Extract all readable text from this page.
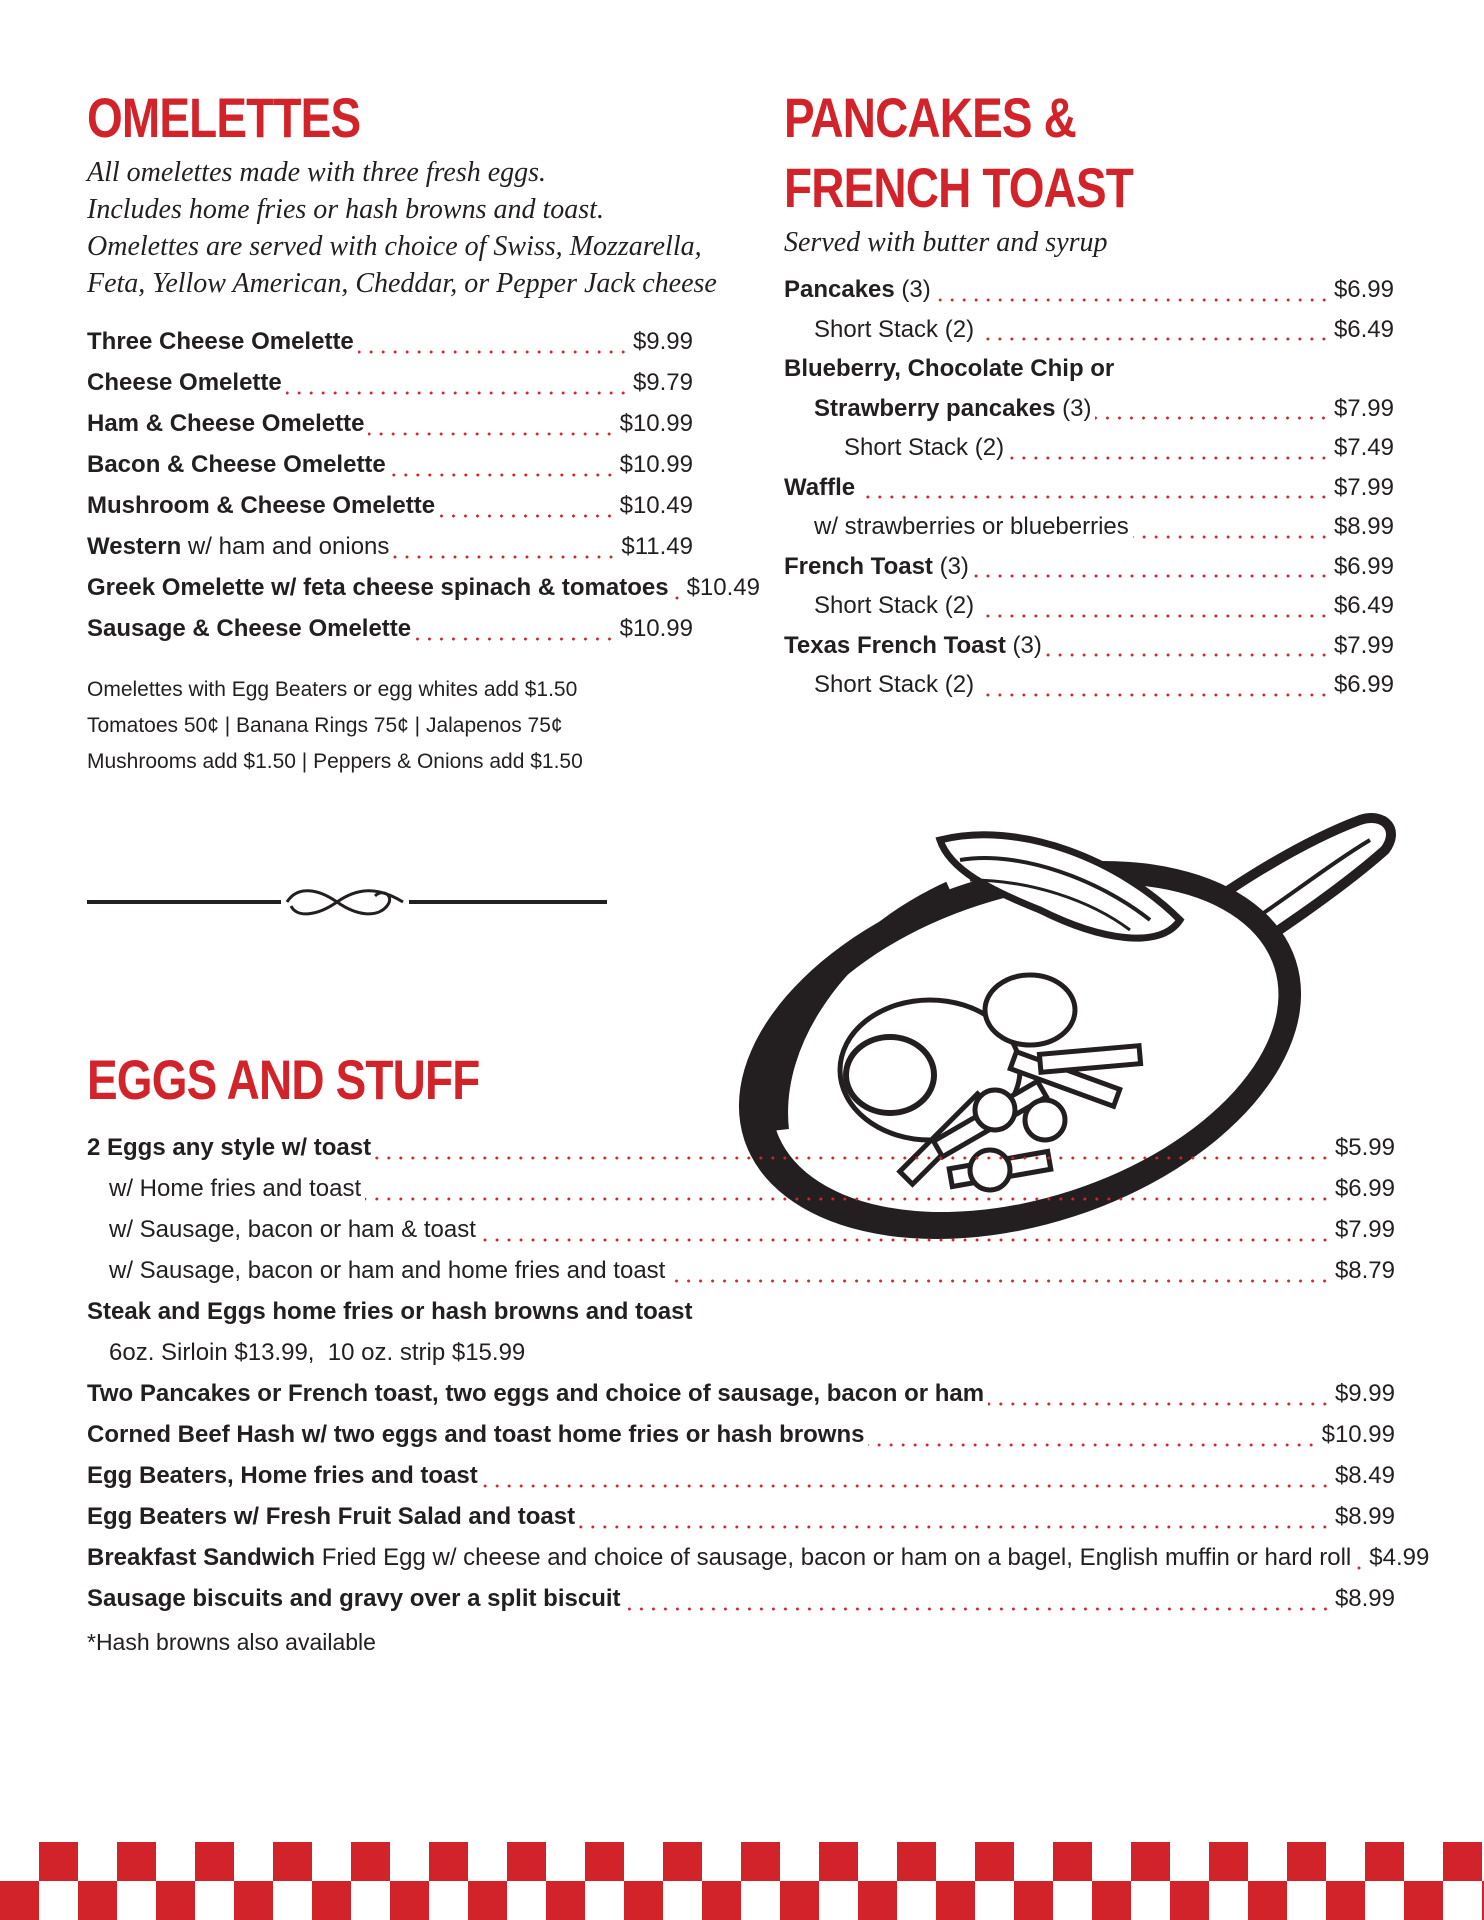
OMELETTES
All omelettes made with three fresh eggs.
Includes home fries or hash browns and toast.
Omelettes are served with choice of Swiss, Mozzarella,
Feta, Yellow American, Cheddar, or Pepper Jack cheese
Three Cheese Omelette	$9.99
Cheese Omelette	$9.79
Ham & Cheese Omelette	$10.99
Bacon & Cheese Omelette	$10.99
Mushroom & Cheese Omelette	$10.49
Western w/ ham and onions	$11.49
Greek Omelette w/ feta cheese spinach & tomatoes $10.49
Sausage & Cheese Omelette	$10.99
Omelettes with Egg Beaters or egg whites add $1.50
Tomatoes 50¢ | Banana Rings 75¢ | Jalapenos 75¢
Mushrooms add $1.50 | Peppers & Onions add $1.50
PANCAKES &
FRENCH TOAST
Served with butter and syrup
Pancakes (3)	$6.99
Short Stack (2)	$6.49
Blueberry, Chocolate Chip or
Strawberry pancakes (3)	$7.99
Short Stack (2)	$7.49
Waffle	$7.99
w/ strawberries or blueberries	$8.99
French Toast (3)	$6.99
Short Stack (2)	$6.49
Texas French Toast (3)	$7.99
Short Stack (2)	$6.99
EGGS AND STUFF
2 Eggs any style w/ toast	$5.99
w/ Home fries and toast	$6.99
w/ Sausage, bacon or ham & toast	$7.99
w/ Sausage, bacon or ham and home fries and toast	$8.79
Steak and Eggs home fries or hash browns and toast
6oz. Sirloin $13.99,  10 oz. strip $15.99
Two Pancakes or French toast, two eggs and choice of sausage, bacon or ham	$9.99
Corned Beef Hash w/ two eggs and toast home fries or hash browns	$10.99
Egg Beaters, Home fries and toast	$8.49
Egg Beaters w/ Fresh Fruit Salad and toast	$8.99
Breakfast Sandwich Fried Egg w/ cheese and choice of sausage, bacon or ham on a bagel, English muffin or hard roll $4.99
Sausage biscuits and gravy over a split biscuit	$8.99
*Hash browns also available
